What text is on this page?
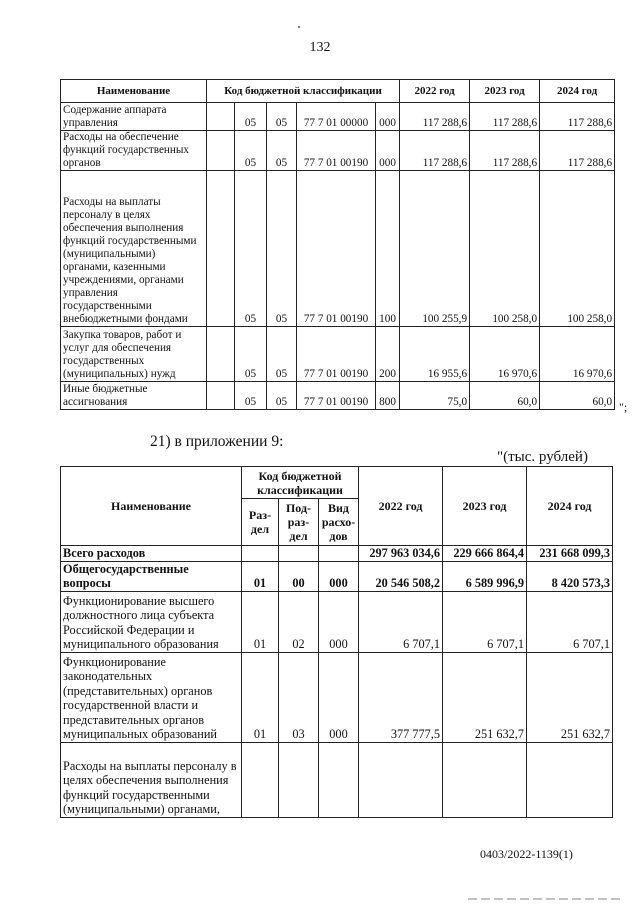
132
Наименование	Код бюджетной классификации					2022 год	2023 год	2024 год
Содержание аппарата управления		05	05	77 7 01 00000	000	117 288,6	117 288,6	117 288,6
Расходы на обеспечение функций государственных органов		05	05	77 7 01 00190	000	117 288,6	117 288,6	117 288,6
Расходы на выплаты персоналу в целях обеспечения выполнения функций государственными (муниципальными) органами, казенными учреждениями, органами управления государственными внебюджетными фондами		05	05	77 7 01 00190	100	100 255,9	100 258,0	100 258,0
Закупка товаров, работ и услуг для обеспечения государственных (муниципальных) нужд		05	05	77 7 01 00190	200	16 955,6	16 970,6	16 970,6
Иные бюджетные ассигнования		05	05	77 7 01 00190	800	75,0	60,0	60,0 ";
21) в приложении 9:
"(тыс. рублей)
Наименование	Код бюджетной классификации			2022 год	2023 год	2024 год
	Раз-дел	Под-раз-дел	Вид расхо-дов			
Всего расходов				297 963 034,6	229 666 864,4	231 668 099,3
Общегосударственные вопросы	01	00	000	20 546 508,2	6 589 996,9	8 420 573,3
Функционирование высшего должностного лица субъекта Российской Федерации и муниципального образования	01	02	000	6 707,1	6 707,1	6 707,1
Функционирование законодательных (представительных) органов государственной власти и представительных органов муниципальных образований	01	03	000	377 777,5	251 632,7	251 632,7
Расходы на выплаты персоналу в целях обеспечения выполнения функций государственными (муниципальными) органами,						
0403/2022-1139(1)
